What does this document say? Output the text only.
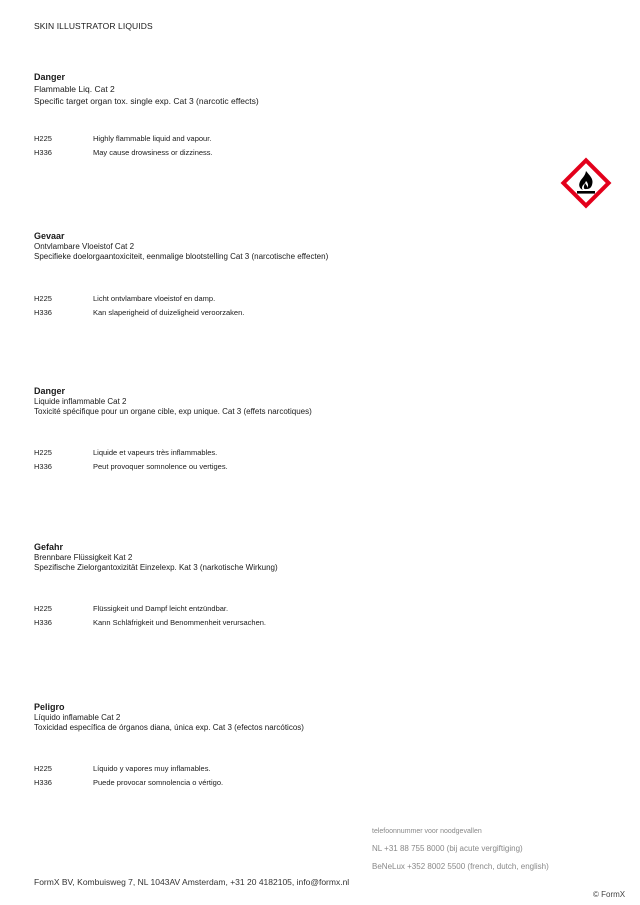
SKIN ILLUSTRATOR LIQUIDS
Danger
Flammable Liq. Cat 2
Specific target organ tox. single exp. Cat 3 (narcotic effects)
H225	Highly flammable liquid and vapour.
H336	May cause drowsiness or dizziness.
Gevaar
Ontvlambare Vloeistof Cat 2
Specifieke doelorgaantoxiciteit, eenmalige blootstelling Cat 3 (narcotische effecten)
H225	Licht ontvlambare vloeistof en damp.
H336	Kan slaperigheid of duizeligheid veroorzaken.
Danger
Liquide inflammable Cat 2
Toxicité spécifique pour un organe cible, exp unique. Cat 3 (effets narcotiques)
H225	Liquide et vapeurs très inflammables.
H336	Peut provoquer somnolence ou vertiges.
Gefahr
Brennbare Flüssigkeit Kat 2
Spezifische Zielorgantoxizität Einzelexp. Kat 3 (narkotische Wirkung)
H225	Flüssigkeit und Dampf leicht entzündbar.
H336	Kann Schläfrigkeit und Benommenheit verursachen.
Peligro
Líquido inflamable Cat 2
Toxicidad específica de órganos diana, única exp. Cat 3 (efectos narcóticos)
H225	Líquido y vapores muy inflamables.
H336	Puede provocar somnolencia o vértigo.
telefoonnummer voor noodgevallen
NL +31 88 755 8000 (bij acute vergiftiging)
BeNeLux +352 8002 5500 (french, dutch, english)
FormX BV, Kombuisweg 7, NL 1043AV Amsterdam, +31 20 4182105, info@formx.nl
© FormX
